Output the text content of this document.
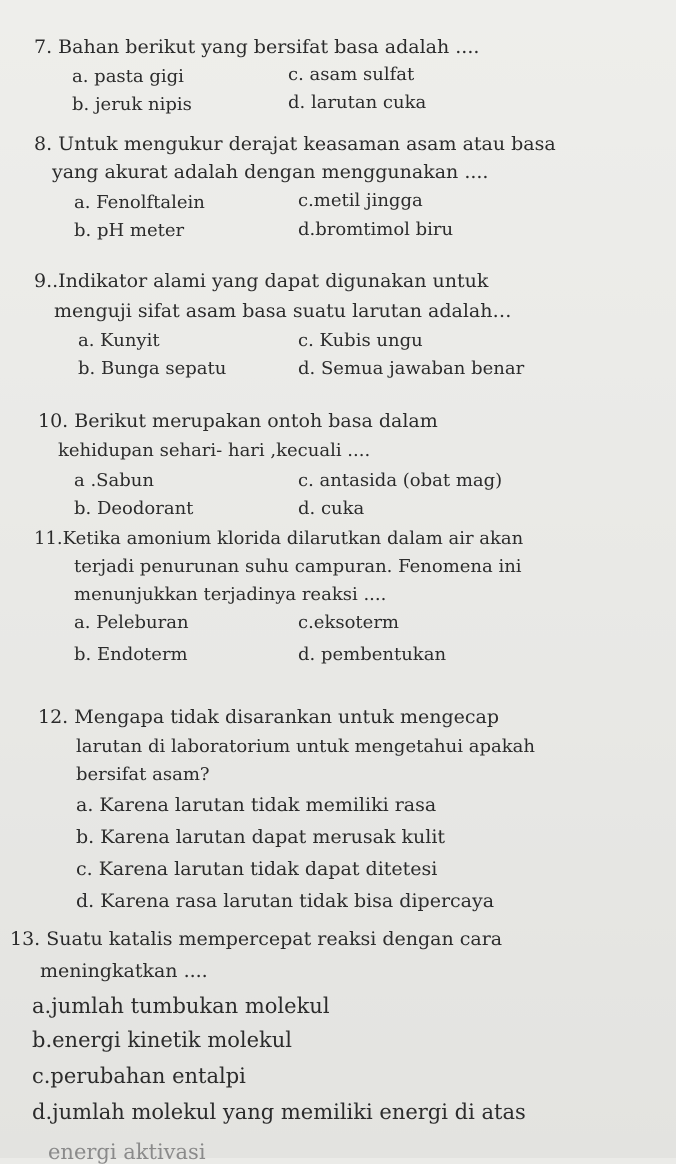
7. Bahan berikut yang bersifat basa adalah ....
a. pasta gigi	c. asam sulfat
b. jeruk nipis	d. larutan cuka
8. Untuk mengukur derajat keasaman asam atau basa
yang akurat adalah dengan menggunakan ....
a. Fenolftalein	c.metil jingga
b. pH meter	d.bromtimol biru
9..Indikator alami yang dapat digunakan untuk
menguji sifat asam basa suatu larutan adalah…
a. Kunyit	c. Kubis ungu
b. Bunga sepatu	d. Semua jawaban benar
10. Berikut merupakan ontoh basa dalam
kehidupan sehari- hari ,kecuali ....
a .Sabun	c. antasida (obat mag)
b. Deodorant	d. cuka
11.Ketika amonium klorida dilarutkan dalam air akan
terjadi penurunan suhu campuran. Fenomena ini
menunjukkan terjadinya reaksi ....
a. Peleburan	c.eksoterm
b. Endoterm	d. pembentukan
12. Mengapa tidak disarankan untuk mengecap
larutan di laboratorium untuk mengetahui apakah
bersifat asam?
a. Karena larutan tidak memiliki rasa
b. Karena larutan dapat merusak kulit
c. Karena larutan tidak dapat ditetesi
d. Karena rasa larutan tidak bisa dipercaya
13. Suatu katalis mempercepat reaksi dengan cara
meningkatkan ....
a.jumlah tumbukan molekul
b.energi kinetik molekul
c.perubahan entalpi
d.jumlah molekul yang memiliki energi di atas
energi aktivasi
